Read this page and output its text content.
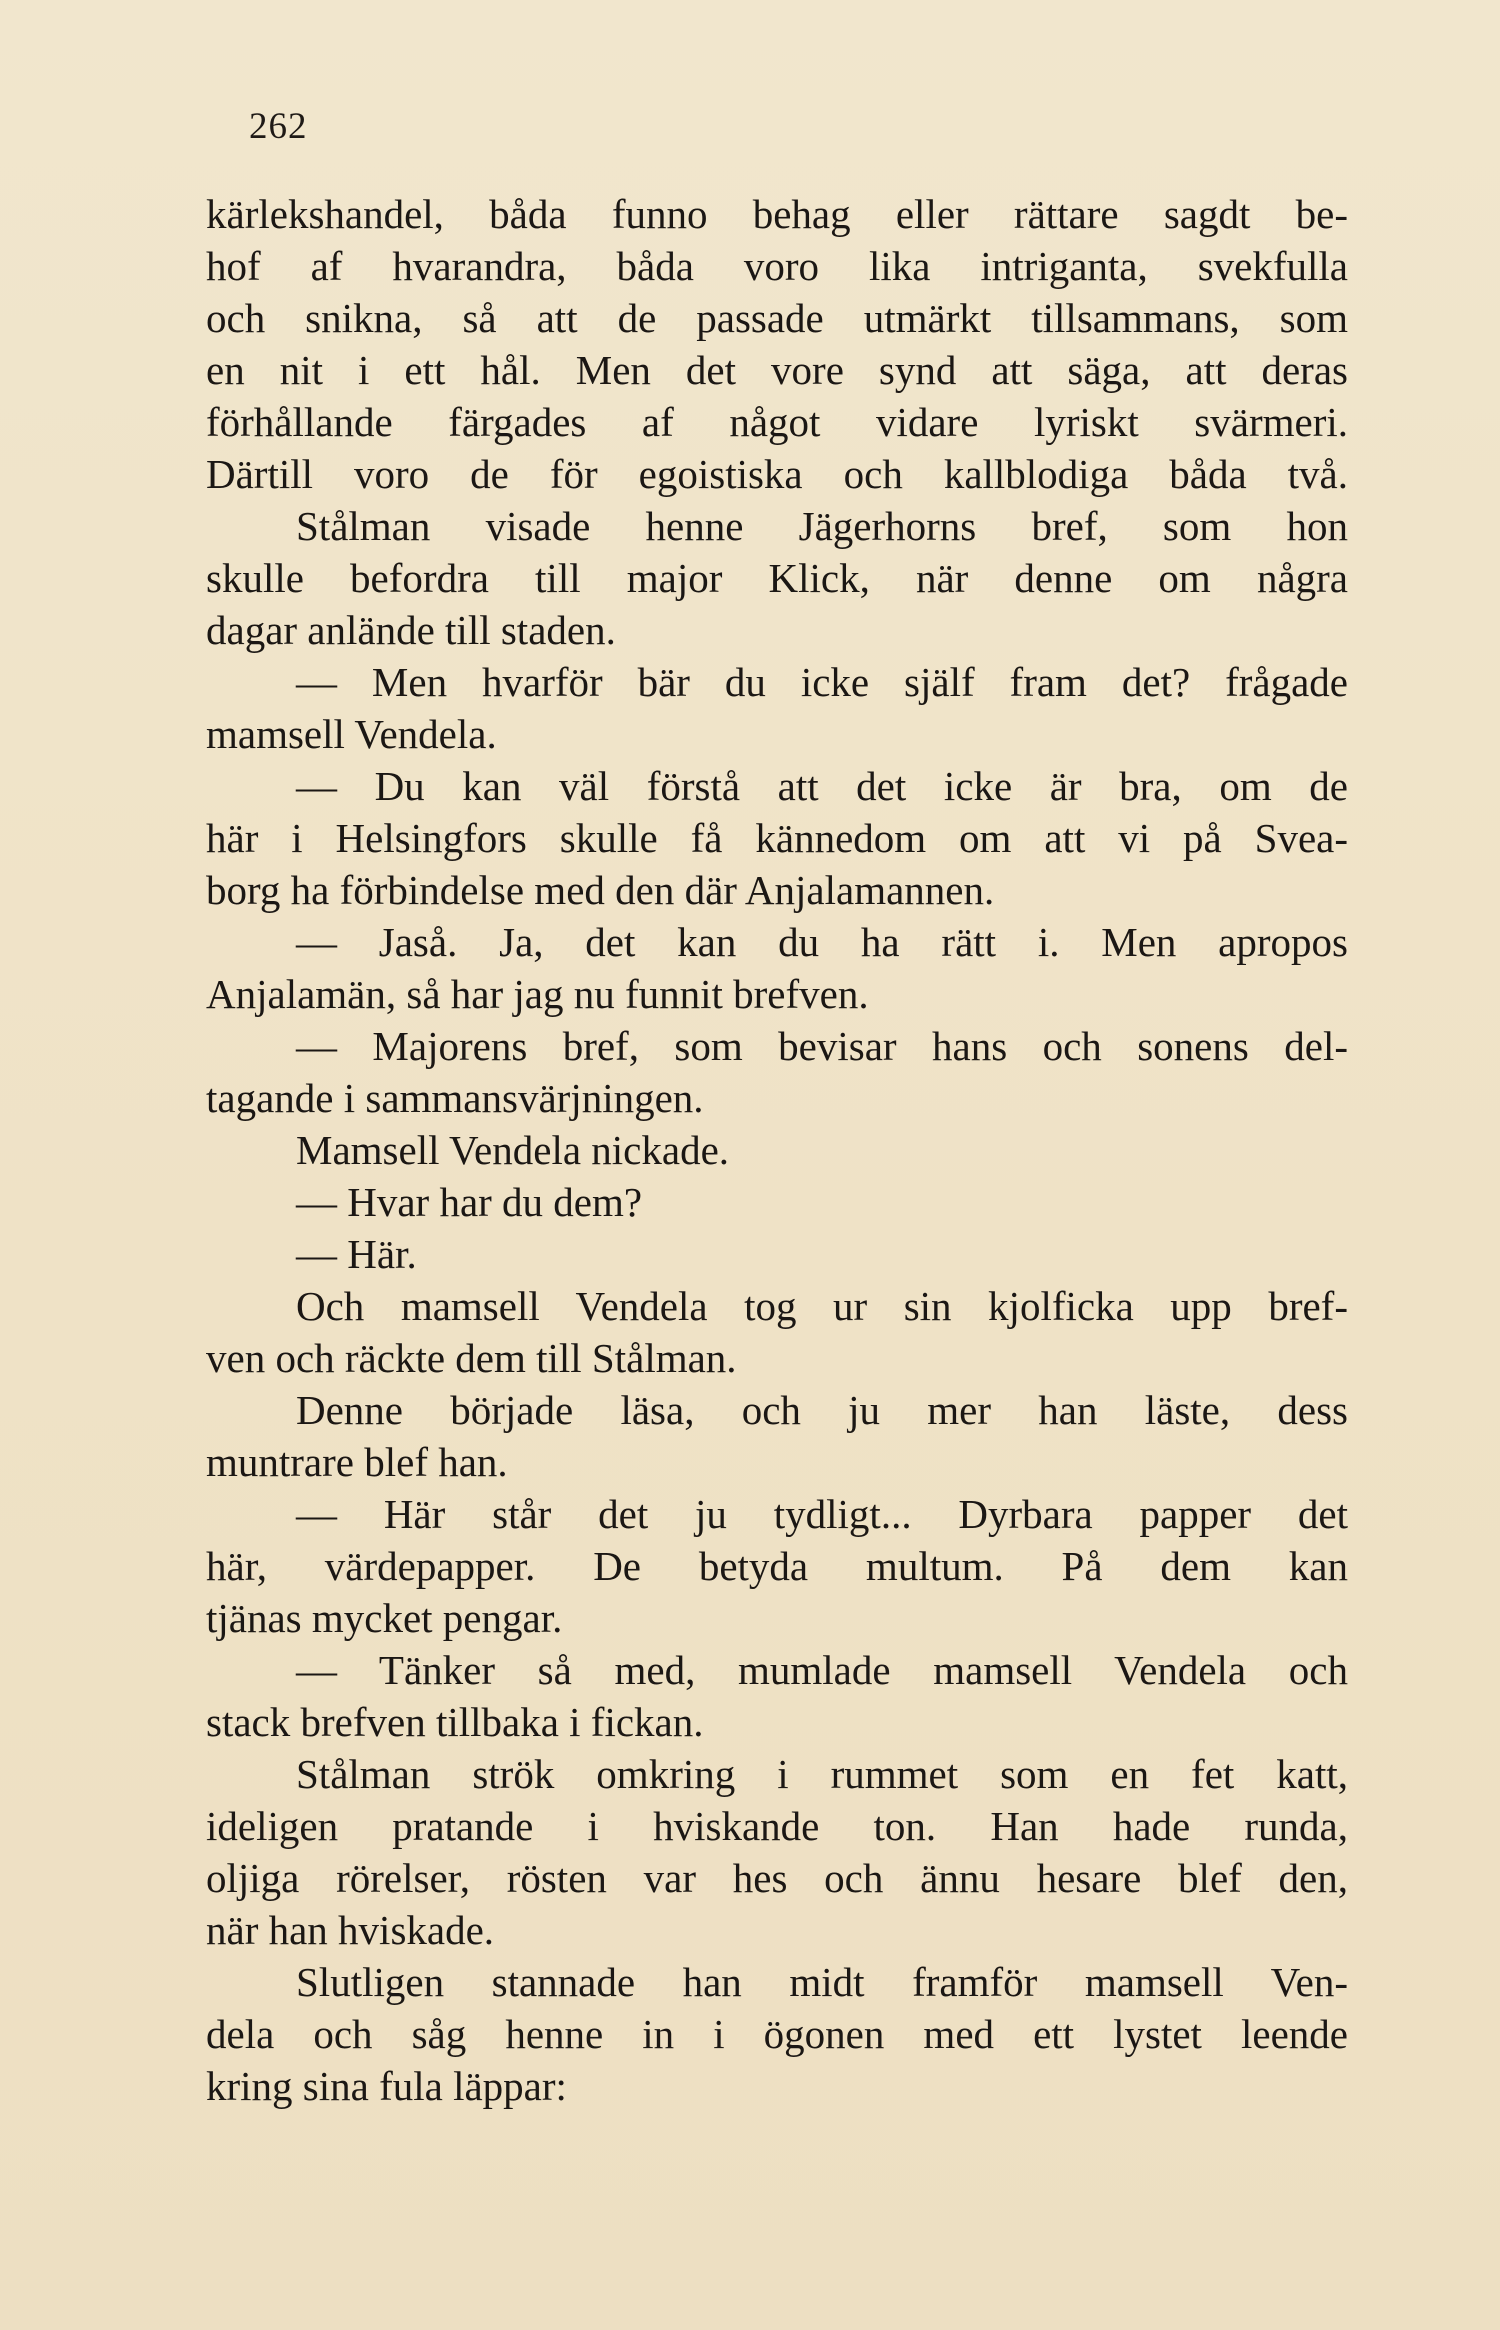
262
kärlekshandel, båda funno behag eller rättare sagdt be-
hof af hvarandra, båda voro lika intriganta, svekfulla
och snikna, så att de passade utmärkt tillsammans, som
en nit i ett hål. Men det vore synd att säga, att deras
förhållande färgades af något vidare lyriskt svärmeri.
Därtill voro de för egoistiska och kallblodiga båda två.
Stålman visade henne Jägerhorns bref, som hon
skulle befordra till major Klick, när denne om några
dagar anlände till staden.
— Men hvarför bär du icke själf fram det? frågade
mamsell Vendela.
— Du kan väl förstå att det icke är bra, om de
här i Helsingfors skulle få kännedom om att vi på Svea-
borg ha förbindelse med den där Anjalamannen.
— Jaså. Ja, det kan du ha rätt i. Men apropos
Anjalamän, så har jag nu funnit brefven.
— Majorens bref, som bevisar hans och sonens del-
tagande i sammansvärjningen.
Mamsell Vendela nickade.
— Hvar har du dem?
— Här.
Och mamsell Vendela tog ur sin kjolficka upp bref-
ven och räckte dem till Stålman.
Denne började läsa, och ju mer han läste, dess
muntrare blef han.
— Här står det ju tydligt... Dyrbara papper det
här, värdepapper. De betyda multum. På dem kan
tjänas mycket pengar.
— Tänker så med, mumlade mamsell Vendela och
stack brefven tillbaka i fickan.
Stålman strök omkring i rummet som en fet katt,
ideligen pratande i hviskande ton. Han hade runda,
oljiga rörelser, rösten var hes och ännu hesare blef den,
när han hviskade.
Slutligen stannade han midt framför mamsell Ven-
dela och såg henne in i ögonen med ett lystet leende
kring sina fula läppar:
